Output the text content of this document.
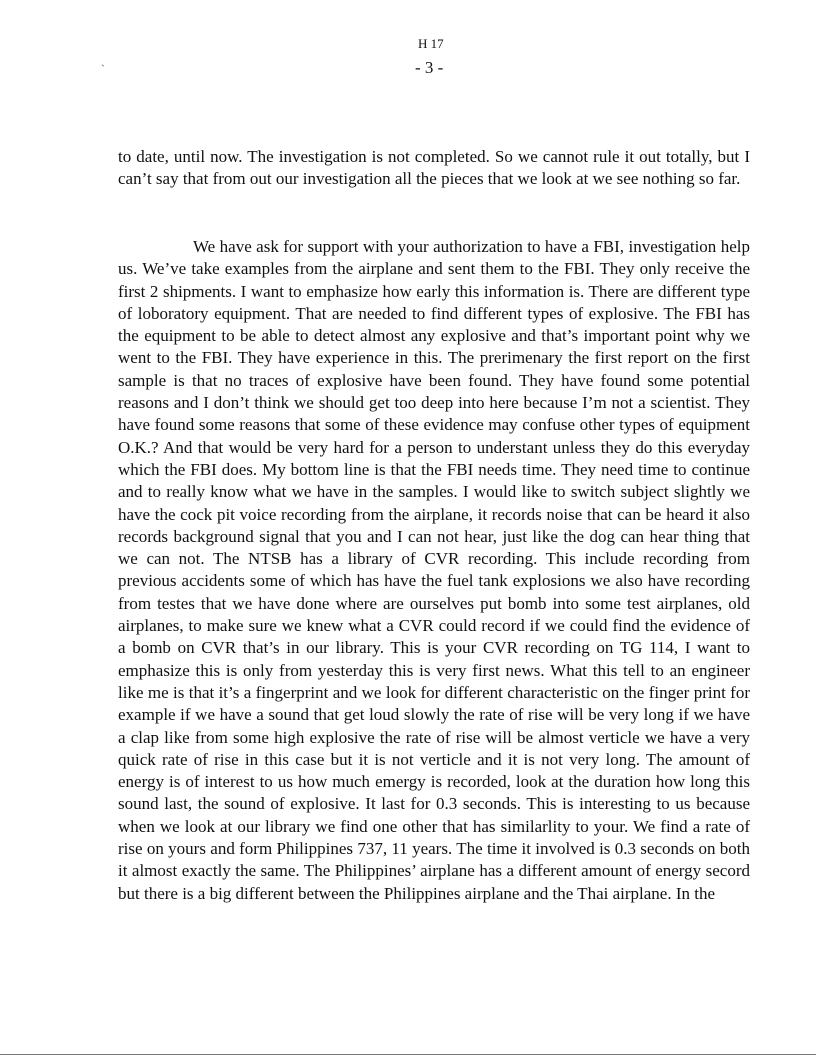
H 17
- 3 -
`

to date, until now. The investigation is not completed. So we cannot rule it out totally, but I can’t say that from out our investigation all the pieces that we look at we see nothing so far.

We have ask for support with your authorization to have a FBI, investigation help us. We’ve take examples from the airplane and sent them to the FBI. They only receive the first 2 shipments. I want to emphasize how early this information is. There are different type of loboratory equipment. That are needed to find different types of explosive. The FBI has the equipment to be able to detect almost any explosive and that’s important point why we went to the FBI. They have experience in this. The prerimenary the first report on the first sample is that no traces of explosive have been found. They have found some potential reasons and I don’t think we should get too deep into here because I’m not a scientist. They have found some reasons that some of these evidence may confuse other types of equipment O.K.? And that would be very hard for a person to understant unless they do this everyday which the FBI does. My bottom line is that the FBI needs time. They need time to continue and to really know what we have in the samples. I would like to switch subject slightly we have the cock pit voice recording from the airplane, it records noise that can be heard it also records background signal that you and I can not hear, just like the dog can hear thing that we can not. The NTSB has a library of CVR recording. This include recording from previous accidents some of which has have the fuel tank explosions we also have recording from testes that we have done where are ourselves put bomb into some test airplanes, old airplanes, to make sure we knew what a CVR could record if we could find the evidence of a bomb on CVR that’s in our library. This is your CVR recording on TG 114, I want to emphasize this is only from yesterday this is very first news. What this tell to an engineer like me is that it’s a fingerprint and we look for different characteristic on the finger print for example if we have a sound that get loud slowly the rate of rise will be very long if we have a clap like from some high explosive the rate of rise will be almost verticle we have a very quick rate of rise in this case but it is not verticle and it is not very long. The amount of energy is of interest to us how much emergy is recorded, look at the duration how long this sound last, the sound of explosive. It last for 0.3 seconds. This is interesting to us because when we look at our library we find one other that has similarlity to your. We find a rate of rise on yours and form Philippines 737, 11 years. The time it involved is 0.3 seconds on both it almost exactly the same. The Philippines’ airplane has a different amount of energy secord but there is a big different between the Philippines airplane and the Thai airplane. In the
